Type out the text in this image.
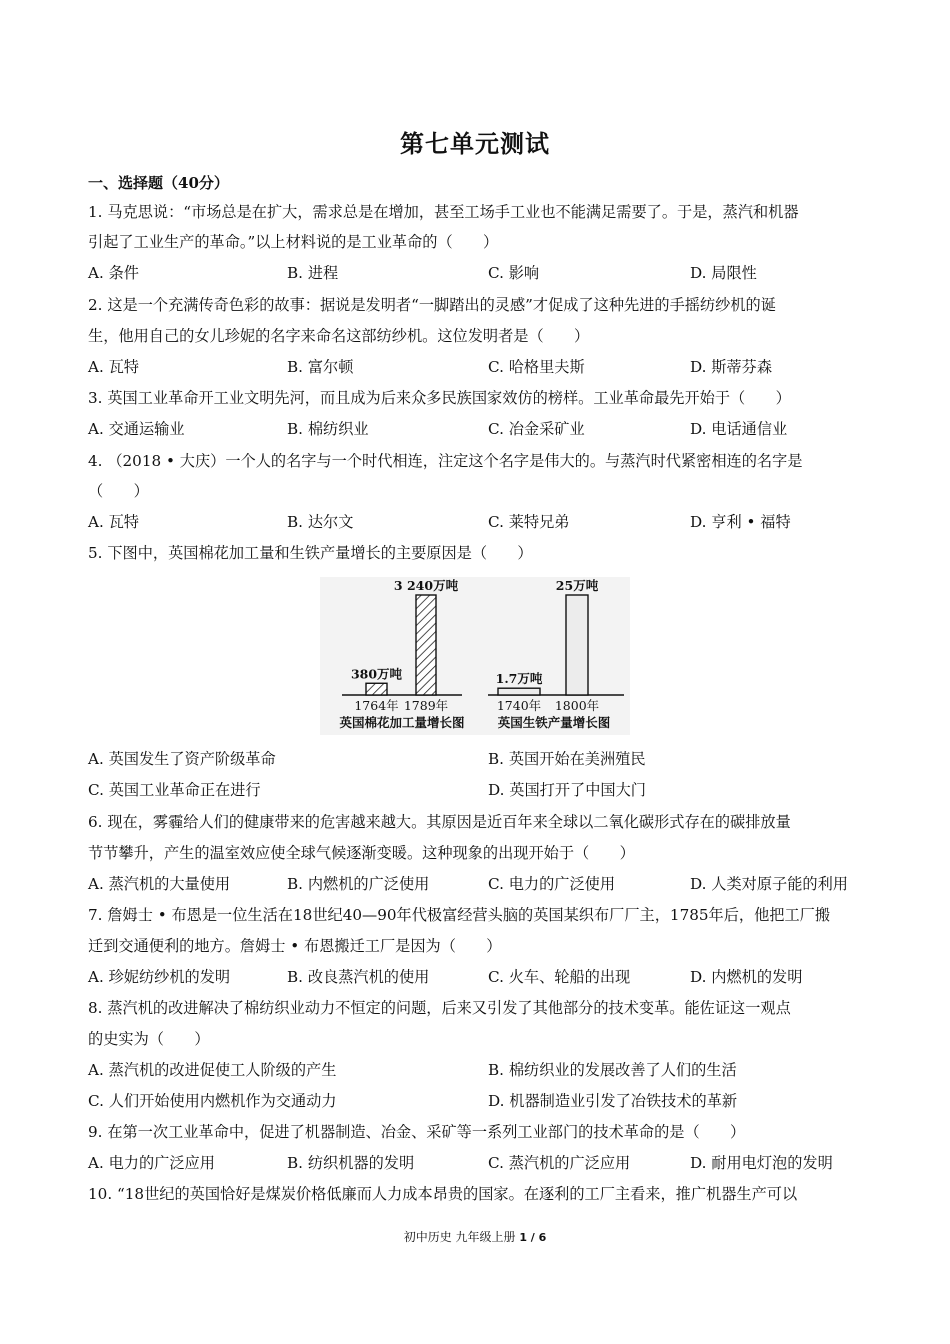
第七单元测试
一、选择题（40分）
1. 马克思说：“市场总是在扩大，需求总是在增加，甚至工场手工业也不能满足需要了。于是，蒸汽和机器
引起了工业生产的革命。”以上材料说的是工业革命的（　　）
A. 条件	B. 进程	C. 影响	D. 局限性
2. 这是一个充满传奇色彩的故事：据说是发明者“一脚踏出的灵感”才促成了这种先进的手摇纺纱机的诞
生，他用自己的女儿珍妮的名字来命名这部纺纱机。这位发明者是（　　）
A. 瓦特	B. 富尔顿	C. 哈格里夫斯	D. 斯蒂芬森
3. 英国工业革命开工业文明先河，而且成为后来众多民族国家效仿的榜样。工业革命最先开始于（　　）
A. 交通运输业	B. 棉纺织业	C. 冶金采矿业	D. 电话通信业
4. （2018 • 大庆）一个人的名字与一个时代相连，注定这个名字是伟大的。与蒸汽时代紧密相连的名字是
（　　）
A. 瓦特	B. 达尔文	C. 莱特兄弟	D. 亨利 • 福特
5. 下图中，英国棉花加工量和生铁产量增长的主要原因是（　　）
380万吨
1764年
3 240万吨
1789年
英国棉花加工量增长图
1.7万吨
1740年
25万吨
1800年
英国生铁产量增长图
A. 英国发生了资产阶级革命	B. 英国开始在美洲殖民
C. 英国工业革命正在进行	D. 英国打开了中国大门
6. 现在，雾霾给人们的健康带来的危害越来越大。其原因是近百年来全球以二氧化碳形式存在的碳排放量
节节攀升，产生的温室效应使全球气候逐渐变暖。这种现象的出现开始于（　　）
A. 蒸汽机的大量使用	B. 内燃机的广泛使用	C. 电力的广泛使用	D. 人类对原子能的利用
7. 詹姆士 • 布恩是一位生活在18世纪40—90年代极富经营头脑的英国某织布厂厂主，1785年后，他把工厂搬
迁到交通便利的地方。詹姆士 • 布恩搬迁工厂是因为（　　）
A. 珍妮纺纱机的发明	B. 改良蒸汽机的使用	C. 火车、轮船的出现	D. 内燃机的发明
8. 蒸汽机的改进解决了棉纺织业动力不恒定的问题，后来又引发了其他部分的技术变革。能佐证这一观点
的史实为（　　）
A. 蒸汽机的改进促使工人阶级的产生	B. 棉纺织业的发展改善了人们的生活
C. 人们开始使用内燃机作为交通动力	D. 机器制造业引发了冶铁技术的革新
9. 在第一次工业革命中，促进了机器制造、冶金、采矿等一系列工业部门的技术革命的是（　　）
A. 电力的广泛应用	B. 纺织机器的发明	C. 蒸汽机的广泛应用	D. 耐用电灯泡的发明
10. “18世纪的英国恰好是煤炭价格低廉而人力成本昂贵的国家。在逐利的工厂主看来，推广机器生产可以
初中历史 九年级上册 1 / 6
